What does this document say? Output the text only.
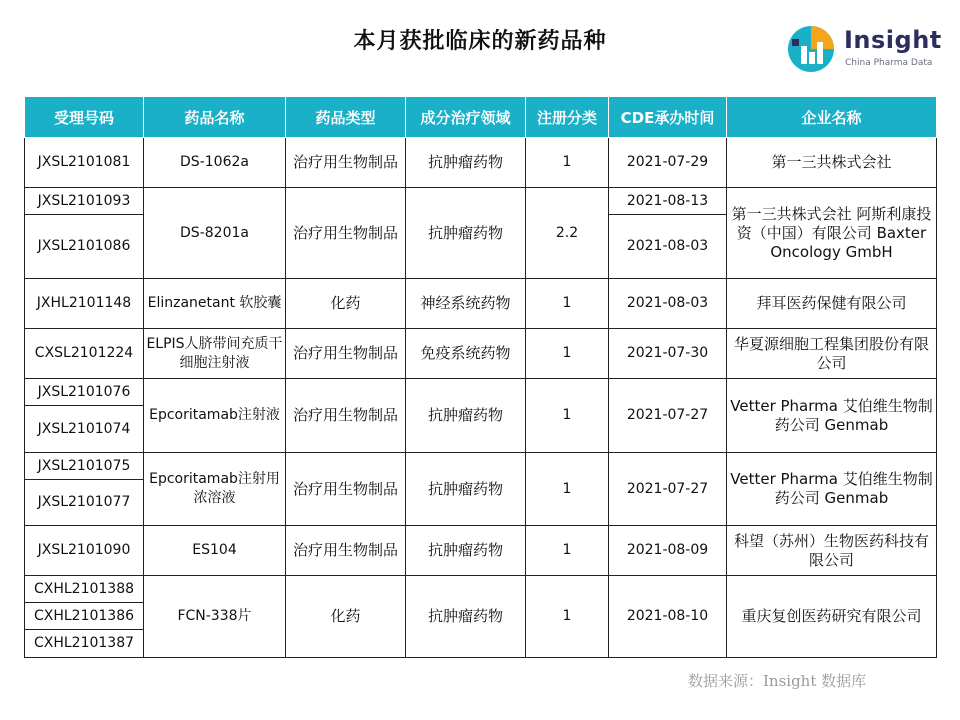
本月获批临床的新药品种	Insight
China Pharma Data
受理号码	药品名称	药品类型	成分治疗领域	注册分类	CDE承办时间	企业名称
JXSL2101081	DS-1062a	治疗用生物制品	抗肿瘤药物	1	2021-07-29	第一三共株式会社
JXSL2101093	DS-8201a	治疗用生物制品	抗肿瘤药物	2.2	2021-08-13	第一三共株式会社 阿斯利康投资（中国）有限公司 Baxter Oncology GmbH
JXSL2101086					2021-08-03	
JXHL2101148	Elinzanetant 软胶囊	化药	神经系统药物	1	2021-08-03	拜耳医药保健有限公司
CXSL2101224	ELPIS人脐带间充质干细胞注射液	治疗用生物制品	免疫系统药物	1	2021-07-30	华夏源细胞工程集团股份有限公司
JXSL2101076	Epcoritamab注射液	治疗用生物制品	抗肿瘤药物	1	2021-07-27	Vetter Pharma 艾伯维生物制药公司 Genmab
JXSL2101074						
JXSL2101075	Epcoritamab注射用浓溶液	治疗用生物制品	抗肿瘤药物	1	2021-07-27	Vetter Pharma 艾伯维生物制药公司 Genmab
JXSL2101077						
JXSL2101090	ES104	治疗用生物制品	抗肿瘤药物	1	2021-08-09	科望（苏州）生物医药科技有限公司
CXHL2101388	FCN-338片	化药	抗肿瘤药物	1	2021-08-10	重庆复创医药研究有限公司
CXHL2101386						
CXHL2101387						
数据来源：Insight 数据库
